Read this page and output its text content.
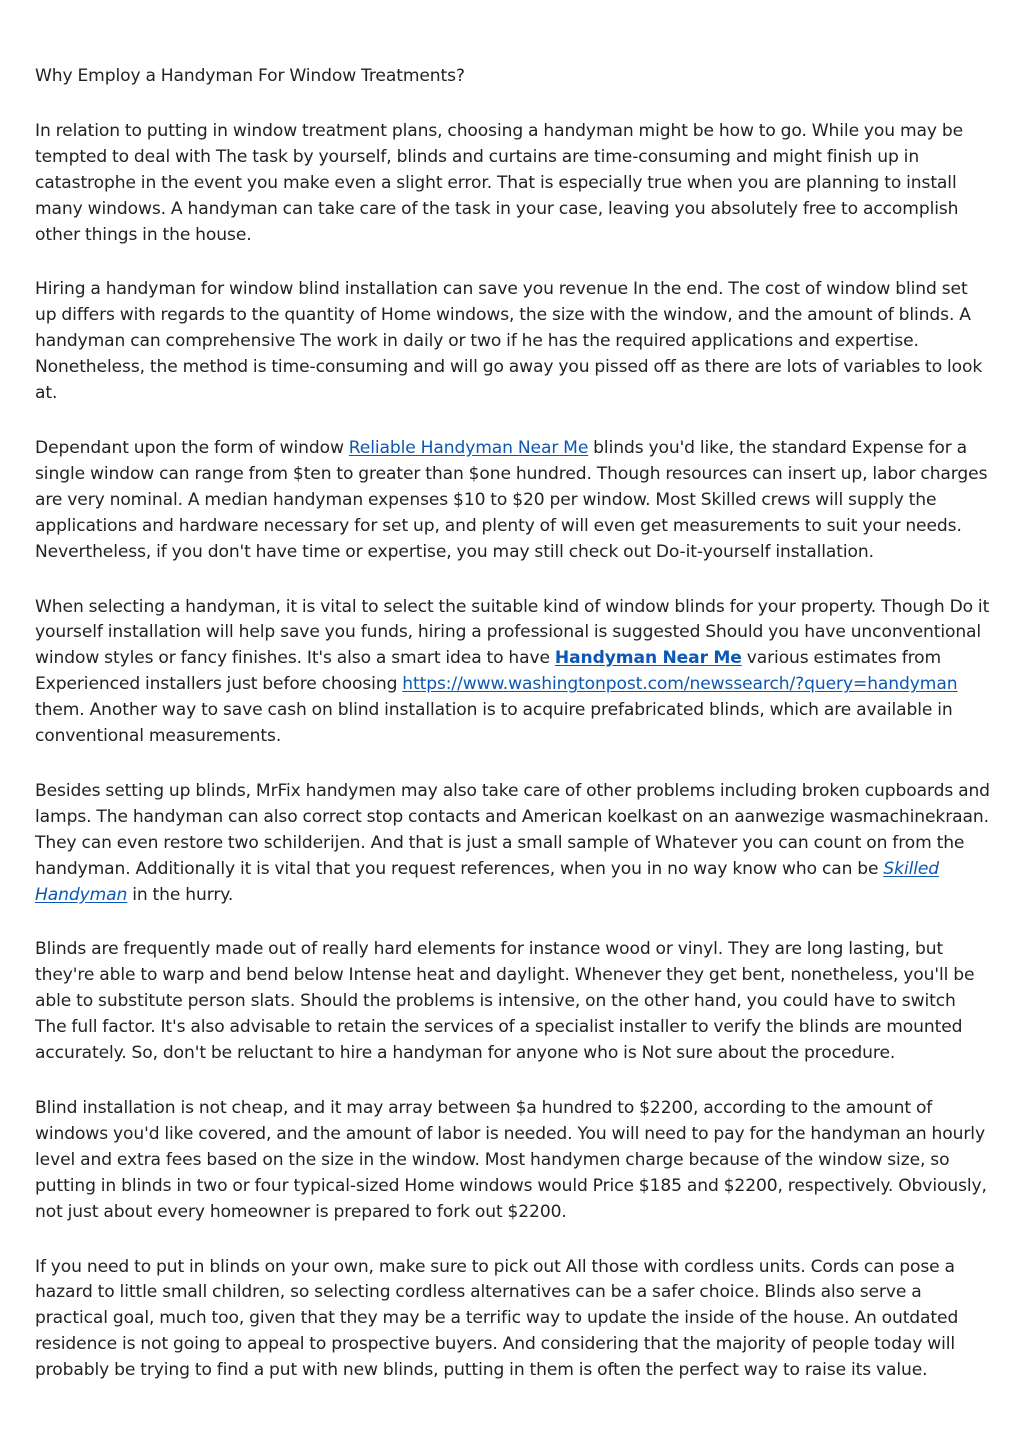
Why Employ a Handyman For Window Treatments?

In relation to putting in window treatment plans, choosing a handyman might be how to go. While you may be tempted to deal with The task by yourself, blinds and curtains are time-consuming and might finish up in catastrophe in the event you make even a slight error. That is especially true when you are planning to install many windows. A handyman can take care of the task in your case, leaving you absolutely free to accomplish other things in the house.

Hiring a handyman for window blind installation can save you revenue In the end. The cost of window blind set up differs with regards to the quantity of Home windows, the size with the window, and the amount of blinds. A handyman can comprehensive The work in daily or two if he has the required applications and expertise. Nonetheless, the method is time-consuming and will go away you pissed off as there are lots of variables to look at.

Dependant upon the form of window Reliable Handyman Near Me blinds you'd like, the standard Expense for a single window can range from $ten to greater than $one hundred. Though resources can insert up, labor charges are very nominal. A median handyman expenses $10 to $20 per window. Most Skilled crews will supply the applications and hardware necessary for set up, and plenty of will even get measurements to suit your needs. Nevertheless, if you don't have time or expertise, you may still check out Do-it-yourself installation.

When selecting a handyman, it is vital to select the suitable kind of window blinds for your property. Though Do it yourself installation will help save you funds, hiring a professional is suggested Should you have unconventional window styles or fancy finishes. It's also a smart idea to have Handyman Near Me various estimates from Experienced installers just before choosing https://www.washingtonpost.com/newssearch/?query=handyman them. Another way to save cash on blind installation is to acquire prefabricated blinds, which are available in conventional measurements.

Besides setting up blinds, MrFix handymen may also take care of other problems including broken cupboards and lamps. The handyman can also correct stop contacts and American koelkast on an aanwezige wasmachinekraan. They can even restore two schilderijen. And that is just a small sample of Whatever you can count on from the handyman. Additionally it is vital that you request references, when you in no way know who can be Skilled Handyman in the hurry.

Blinds are frequently made out of really hard elements for instance wood or vinyl. They are long lasting, but they're able to warp and bend below Intense heat and daylight. Whenever they get bent, nonetheless, you'll be able to substitute person slats. Should the problems is intensive, on the other hand, you could have to switch The full factor. It's also advisable to retain the services of a specialist installer to verify the blinds are mounted accurately. So, don't be reluctant to hire a handyman for anyone who is Not sure about the procedure.

Blind installation is not cheap, and it may array between $a hundred to $2200, according to the amount of windows you'd like covered, and the amount of labor is needed. You will need to pay for the handyman an hourly level and extra fees based on the size in the window. Most handymen charge because of the window size, so putting in blinds in two or four typical-sized Home windows would Price $185 and $2200, respectively. Obviously, not just about every homeowner is prepared to fork out $2200.

If you need to put in blinds on your own, make sure to pick out All those with cordless units. Cords can pose a hazard to little small children, so selecting cordless alternatives can be a safer choice. Blinds also serve a practical goal, much too, given that they may be a terrific way to update the inside of the house. An outdated residence is not going to appeal to prospective buyers. And considering that the majority of people today will probably be trying to find a put with new blinds, putting in them is often the perfect way to raise its value.
